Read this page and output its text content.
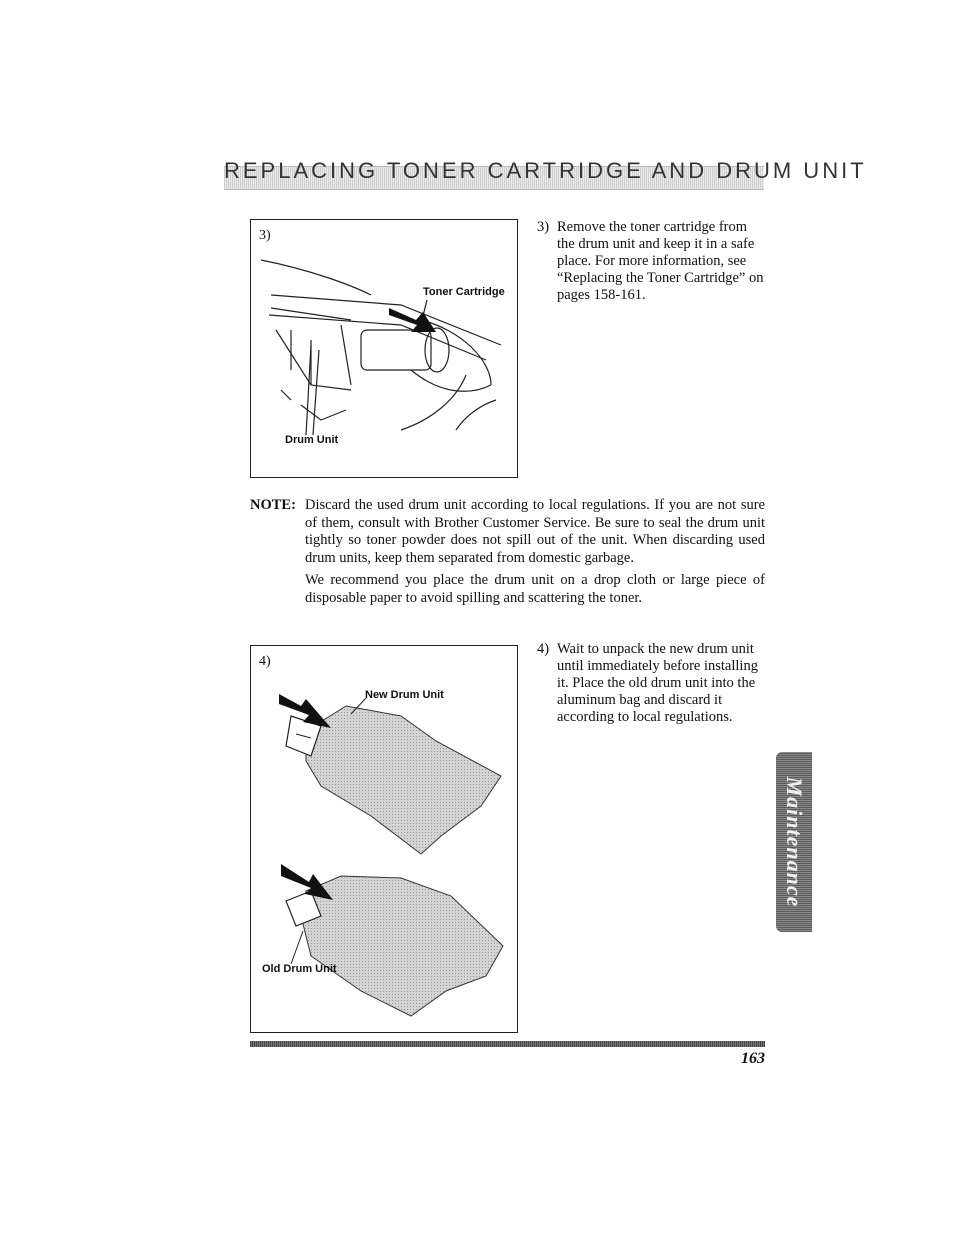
REPLACING TONER CARTRIDGE AND DRUM UNIT
3)
Toner Cartridge
Drum Unit
3) Remove the toner cartridge from the drum unit and keep it in a safe place. For more information, see “Replacing the Toner Cartridge” on pages 158-161.
NOTE: Discard the used drum unit according to local regulations. If you are not sure of them, consult with Brother Customer Service. Be sure to seal the drum unit tightly so toner powder does not spill out of the unit. When discarding used drum units, keep them separated from domestic garbage.

We recommend you place the drum unit on a drop cloth or large piece of disposable paper to avoid spilling and scattering the toner.

4)
New Drum Unit
Old Drum Unit
4) Wait to unpack the new drum unit until immediately before installing it. Place the old drum unit into the aluminum bag and discard it according to local regulations.
Maintenance
163
